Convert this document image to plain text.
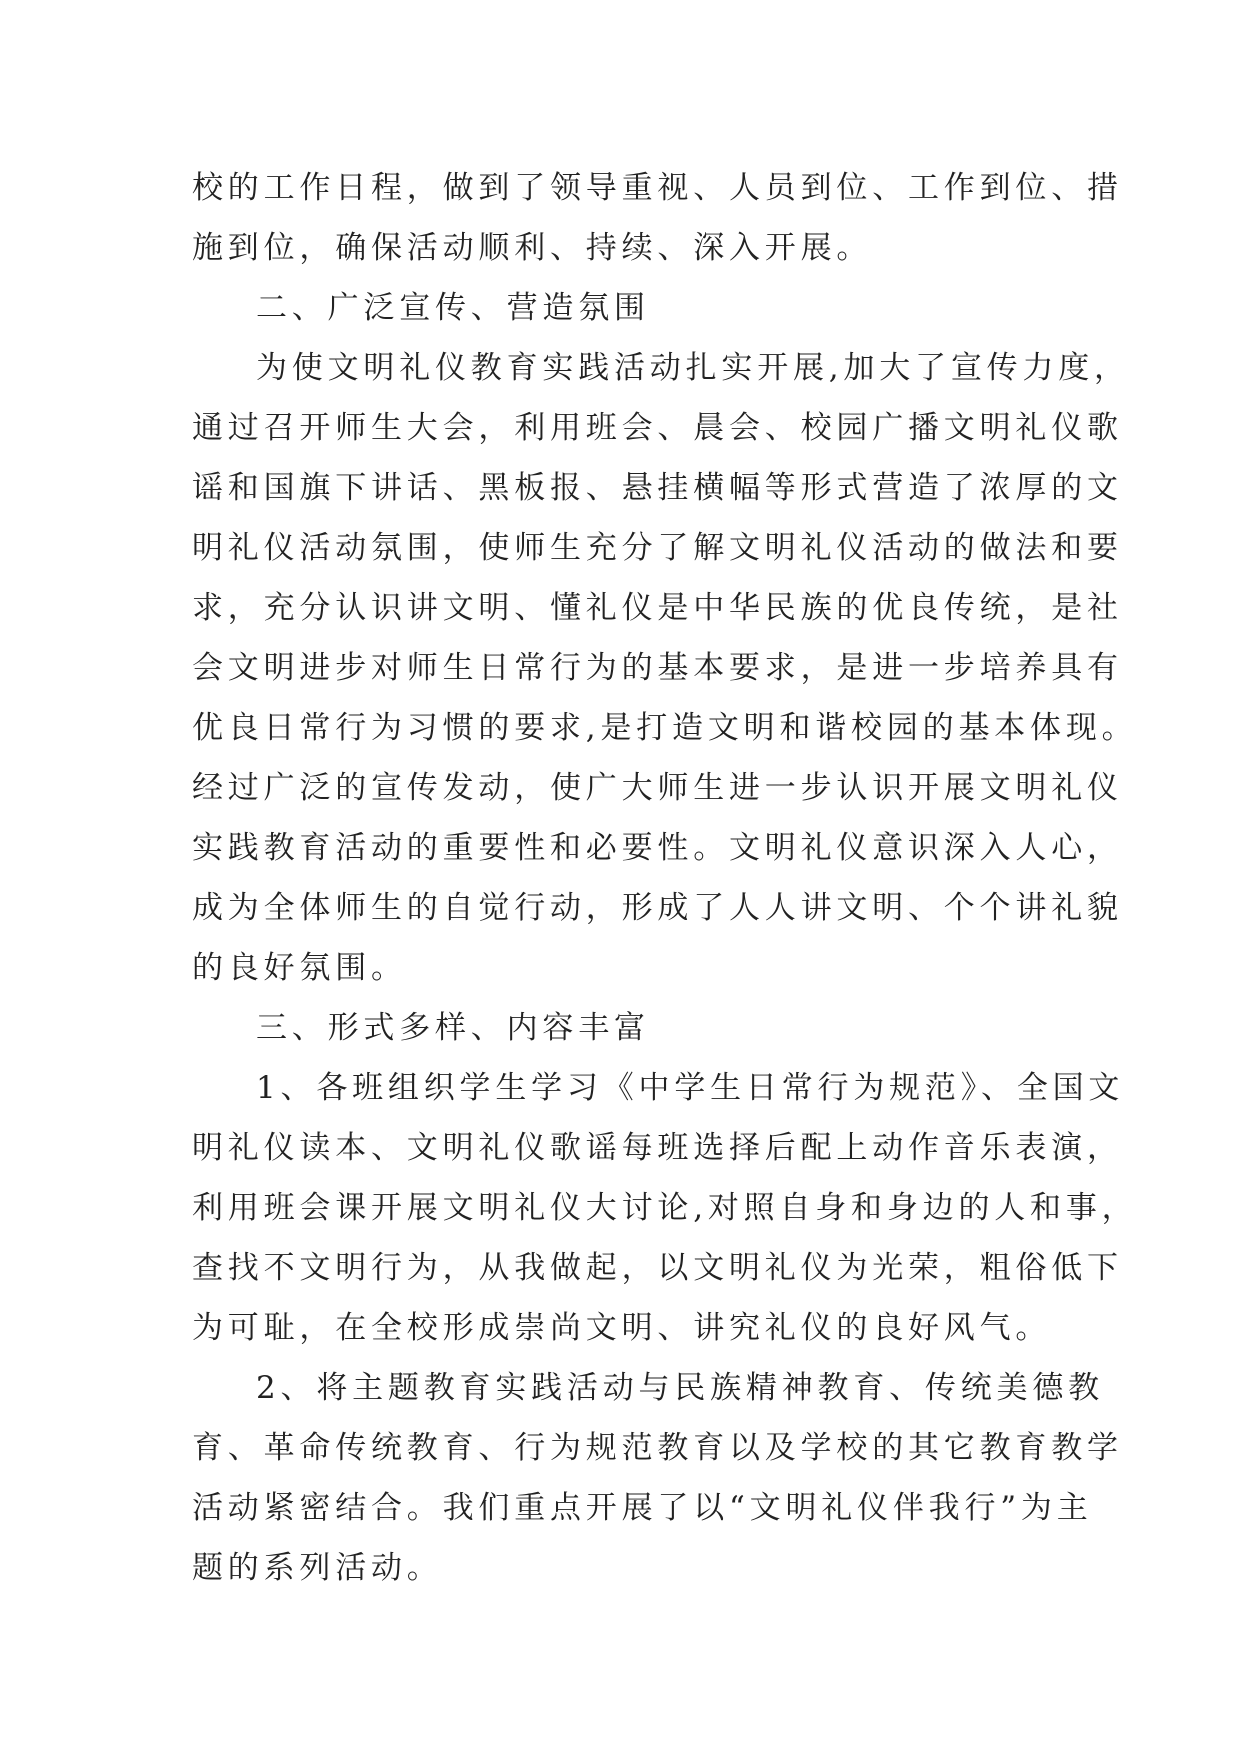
校的工作日程，做到了领导重视、人员到位、工作到位、措
施到位，确保活动顺利、持续、深入开展。
二、广泛宣传、营造氛围
为使文明礼仪教育实践活动扎实开展,加大了宣传力度，
通过召开师生大会，利用班会、晨会、校园广播文明礼仪歌
谣和国旗下讲话、黑板报、悬挂横幅等形式营造了浓厚的文
明礼仪活动氛围，使师生充分了解文明礼仪活动的做法和要
求，充分认识讲文明、懂礼仪是中华民族的优良传统，是社
会文明进步对师生日常行为的基本要求，是进一步培养具有
优良日常行为习惯的要求,是打造文明和谐校园的基本体现。
经过广泛的宣传发动，使广大师生进一步认识开展文明礼仪
实践教育活动的重要性和必要性。文明礼仪意识深入人心，
成为全体师生的自觉行动，形成了人人讲文明、个个讲礼貌
的良好氛围。
三、形式多样、内容丰富
1、各班组织学生学习《中学生日常行为规范》、全国文
明礼仪读本、文明礼仪歌谣每班选择后配上动作音乐表演，
利用班会课开展文明礼仪大讨论,对照自身和身边的人和事，
查找不文明行为，从我做起，以文明礼仪为光荣，粗俗低下
为可耻，在全校形成崇尚文明、讲究礼仪的良好风气。
2、将主题教育实践活动与民族精神教育、传统美德教
育、革命传统教育、行为规范教育以及学校的其它教育教学
活动紧密结合。我们重点开展了以“文明礼仪伴我行”为主
题的系列活动。
